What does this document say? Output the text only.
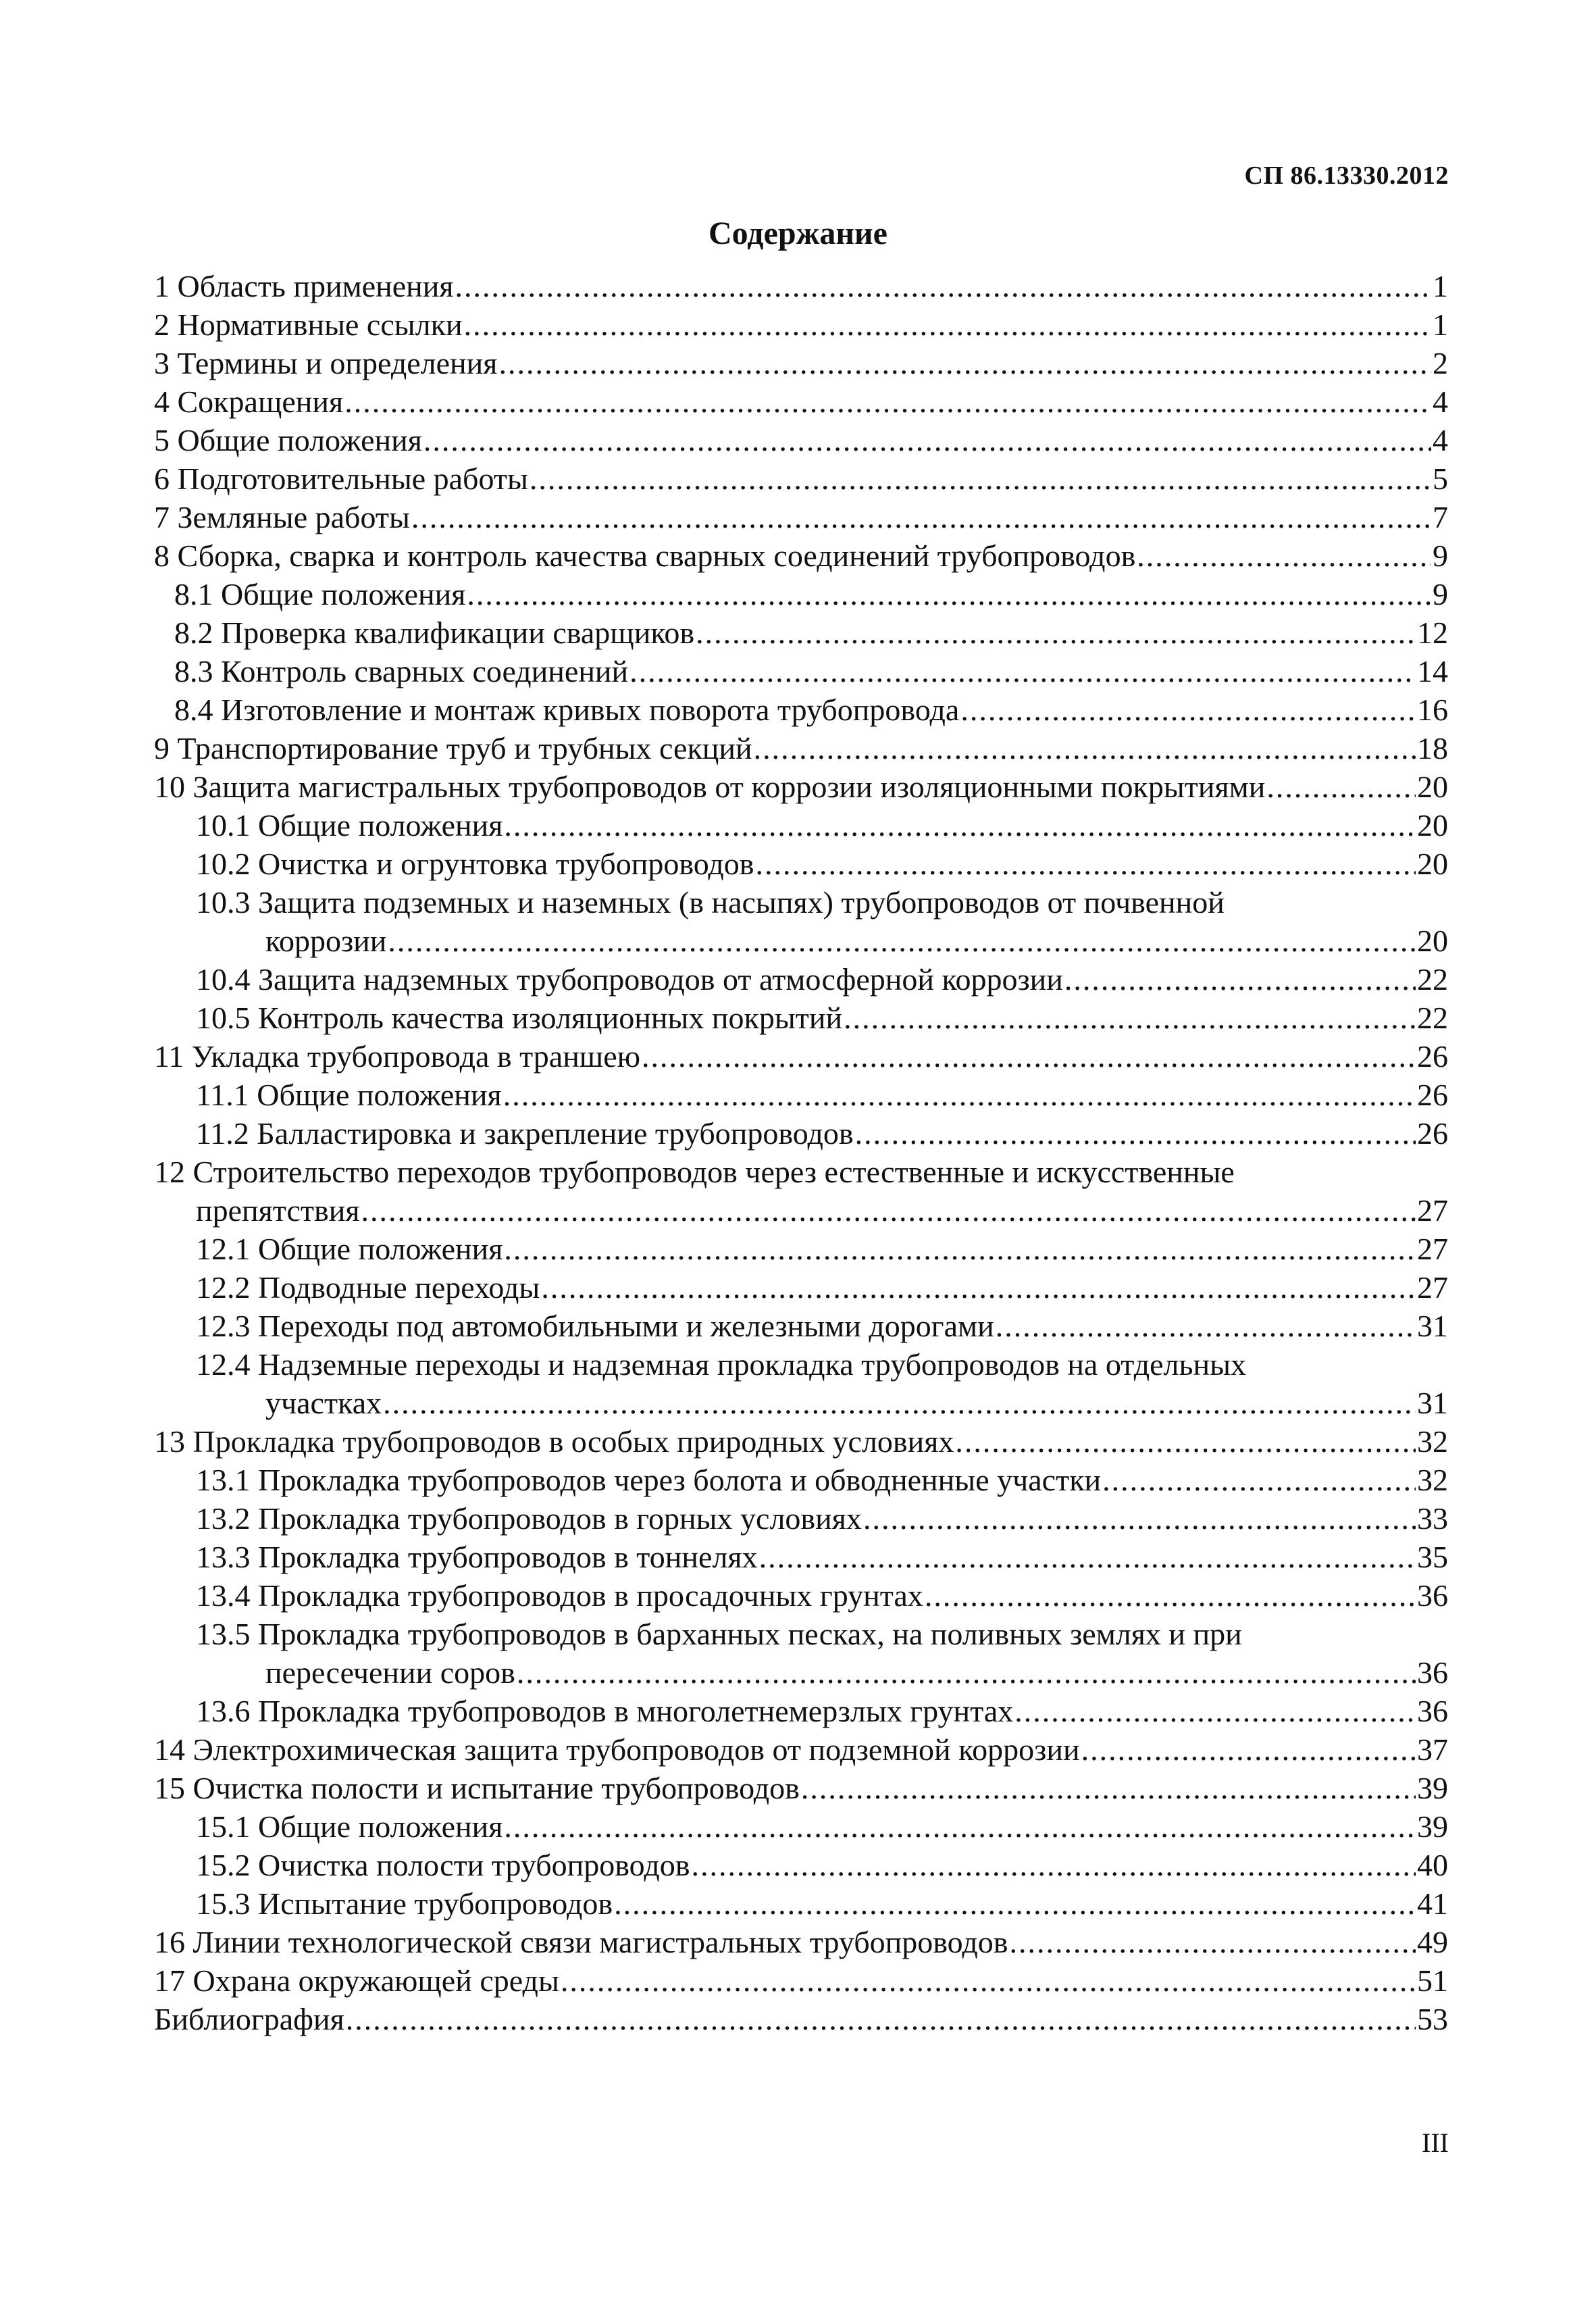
СП 86.13330.2012
Содержание
1 Область применения .....	1
2 Нормативные ссылки .....	1
3 Термины и определения .....	2
4 Сокращения .....	4
5 Общие положения .....	4
6 Подготовительные работы .....	5
7 Земляные работы .....	7
8 Сборка, сварка и контроль качества сварных соединений трубопроводов .....	9
8.1 Общие положения .....	9
8.2 Проверка квалификации сварщиков .....	12
8.3 Контроль сварных соединений .....	14
8.4 Изготовление и монтаж кривых поворота трубопровода .....	16
9 Транспортирование труб и трубных секций .....	18
10 Защита магистральных трубопроводов от коррозии изоляционными покрытиями .....	20
10.1 Общие положения .....	20
10.2 Очистка и огрунтовка трубопроводов .....	20
10.3 Защита подземных и наземных (в насыпях) трубопроводов от почвенной
коррозии .....	20
10.4 Защита надземных трубопроводов от атмосферной коррозии .....	22
10.5 Контроль качества изоляционных покрытий .....	22
11 Укладка трубопровода в траншею .....	26
11.1 Общие положения .....	26
11.2 Балластировка и закрепление трубопроводов .....	26
12 Строительство переходов трубопроводов через естественные и искусственные
препятствия .....	27
12.1 Общие положения .....	27
12.2 Подводные переходы .....	27
12.3 Переходы под автомобильными и железными дорогами .....	31
12.4 Надземные переходы и надземная прокладка трубопроводов на отдельных
участках .....	31
13 Прокладка трубопроводов в особых природных условиях .....	32
13.1 Прокладка трубопроводов через болота и обводненные участки .....	32
13.2 Прокладка трубопроводов в горных условиях .....	33
13.3 Прокладка трубопроводов в тоннелях .....	35
13.4 Прокладка трубопроводов в просадочных грунтах .....	36
13.5 Прокладка трубопроводов в барханных песках, на поливных землях и при
пересечении соров .....	36
13.6 Прокладка трубопроводов в многолетнемерзлых грунтах .....	36
14 Электрохимическая защита трубопроводов от подземной коррозии .....	37
15 Очистка полости и испытание трубопроводов .....	39
15.1 Общие положения .....	39
15.2 Очистка полости трубопроводов .....	40
15.3 Испытание трубопроводов .....	41
16 Линии технологической связи магистральных трубопроводов .....	49
17 Охрана окружающей среды .....	51
Библиография .....	53
III
